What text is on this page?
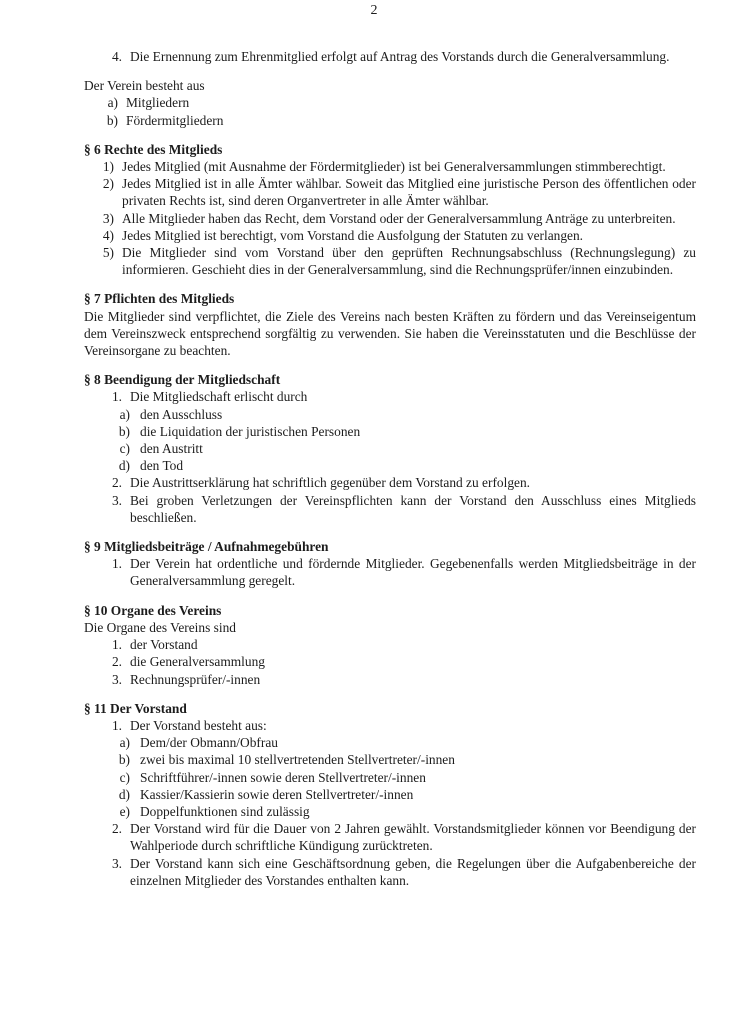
2
4. Die Ernennung zum Ehrenmitglied erfolgt auf Antrag des Vorstands durch die Generalversammlung.

Der Verein besteht aus

a) Mitgliedern
b) Fördermitgliedern

§ 6 Rechte des Mitglieds

1) Jedes Mitglied (mit Ausnahme der Fördermitglieder) ist bei Generalversammlungen stimmberechtigt.
2) Jedes Mitglied ist in alle Ämter wählbar. Soweit das Mitglied eine juristische Person des öffentlichen oder privaten Rechts ist, sind deren Organvertreter in alle Ämter wählbar.
3) Alle Mitglieder haben das Recht, dem Vorstand oder der Generalversammlung Anträge zu unterbreiten.
4) Jedes Mitglied ist berechtigt, vom Vorstand die Ausfolgung der Statuten zu verlangen.
5) Die Mitglieder sind vom Vorstand über den geprüften Rechnungsabschluss (Rechnungslegung) zu informieren. Geschieht dies in der Generalversammlung, sind die Rechnungsprüfer/innen einzubinden.

§ 7 Pflichten des Mitglieds

Die Mitglieder sind verpflichtet, die Ziele des Vereins nach besten Kräften zu fördern und das Vereinseigentum dem Vereinszweck entsprechend sorgfältig zu verwenden. Sie haben die Vereinsstatuten und die Beschlüsse der Vereinsorgane zu beachten.

§ 8 Beendigung der Mitgliedschaft

1. Die Mitgliedschaft erlischt durch
a) den Ausschluss
b) die Liquidation der juristischen Personen
c) den Austritt
d) den Tod
2. Die Austrittserklärung hat schriftlich gegenüber dem Vorstand zu erfolgen.
3. Bei groben Verletzungen der Vereinspflichten kann der Vorstand den Ausschluss eines Mitglieds beschließen.

§ 9 Mitgliedsbeiträge / Aufnahmegebühren

1. Der Verein hat ordentliche und fördernde Mitglieder. Gegebenenfalls werden Mitgliedsbeiträge in der Generalversammlung geregelt.

§ 10 Organe des Vereins

Die Organe des Vereins sind

1. der Vorstand
2. die Generalversammlung
3. Rechnungsprüfer/-innen

§ 11 Der Vorstand

1. Der Vorstand besteht aus:
a) Dem/der Obmann/Obfrau
b) zwei bis maximal 10 stellvertretenden Stellvertreter/-innen
c) Schriftführer/-innen sowie deren Stellvertreter/-innen
d) Kassier/Kassierin sowie deren Stellvertreter/-innen
e) Doppelfunktionen sind zulässig
2. Der Vorstand wird für die Dauer von 2 Jahren gewählt. Vorstandsmitglieder können vor Beendigung der Wahlperiode durch schriftliche Kündigung zurücktreten.
3. Der Vorstand kann sich eine Geschäftsordnung geben, die Regelungen über die Aufgabenbereiche der einzelnen Mitglieder des Vorstandes enthalten kann.
